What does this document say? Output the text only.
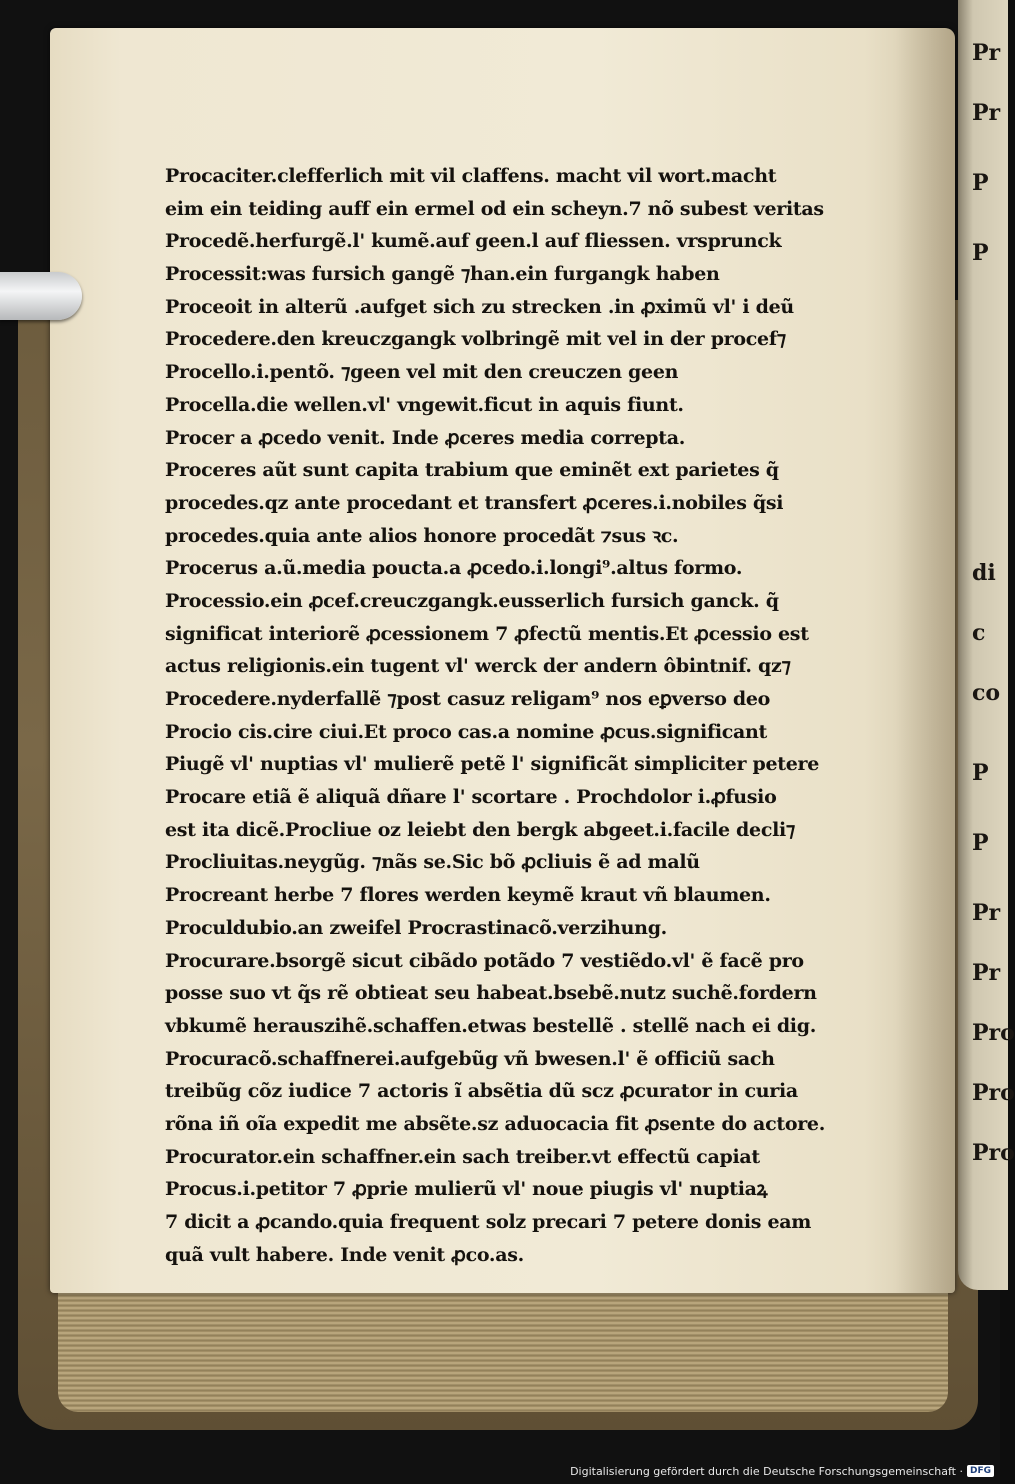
Pr
Pr
P
P
di
c
co
P
P
Pr
Pr
Pro
Pro
Pro
Procaciter.clefferlich mit vil claffens. macht vil wort.macht
eim ein teiding auff ein ermel od ein scheyn.7 nõ subest veritas
Procedẽ.herfurgẽ.l' kumẽ.auf geen.l auf fliessen. vrsprunck
Processit:was fursich gangẽ ⁊han.ein furgangk haben
Proceoit in alterũ .aufget sich zu strecken .in ꝓximũ vl' i deũ
Procedere.den kreuczgangk volbringẽ mit vel in der procef⁊
Procello.i.pentõ. ⁊geen vel mit den creuczen geen
Procella.die wellen.vl' vngewit.ficut in aquis fiunt.
Procer a ꝓcedo venit. Inde ꝓceres media correpta.
Proceres aũt sunt capita trabium que eminẽt ext parietes q̃
procedes.qz ante procedant et transfert ꝓceres.i.nobiles q̃si
procedes.quia ante alios honore procedãt ⁊sus ꝛc.
Procerus a.ũ.media poucta.a ꝓcedo.i.longi⁹.altus formo.
Processio.ein ꝓcef.creuczgangk.eusserlich fursich ganck. q̃
significat interiorẽ ꝓcessionem 7 ꝓfectũ mentis.Et ꝓcessio est
actus religionis.ein tugent vl' werck der andern ôbintnif. qz⁊
Procedere.nyderfallẽ ⁊post casuz religam⁹ nos eꝑverso deo
Procio cis.cire ciui.Et proco cas.a nomine ꝓcus.significant
Piugẽ vl' nuptias vl' mulierẽ petẽ l' significãt simpliciter petere
Procare etiã ẽ aliquã dñare l' scortare . Prochdolor i.ꝓfusio
est ita dicẽ.Procliue oz leiebt den bergk abgeet.i.facile decli⁊
Procliuitas.neygũg. ⁊nãs se.Sic bõ ꝓcliuis ẽ ad malũ
Procreant herbe 7 flores werden keymẽ kraut vñ blaumen.
Proculdubio.an zweifel Procrastinacõ.verzihung.
Procurare.bsorgẽ sicut cibãdo potãdo 7 vestiẽdo.vl' ẽ facẽ pro
posse suo vt q̃s rẽ obtieat seu habeat.bsebẽ.nutz suchẽ.fordern
vbkumẽ herauszihẽ.schaffen.etwas bestellẽ . stellẽ nach ei dig.
Procuracõ.schaffnerei.aufgebũg vñ bwesen.l' ẽ officiũ sach
treibũg cõz iudice 7 actoris ĩ absẽtia dũ scz ꝓcurator in curia
rõna iñ oĩa expedit me absẽte.sz aduocacia fit ꝓsente do actore.
Procurator.ein schaffner.ein sach treiber.vt effectũ capiat
Procus.i.petitor 7 ꝓprie mulierũ vl' noue piugis vl' nuptiaꝝ
7 dicit a ꝓcando.quia frequent solz precari 7 petere donis eam
quã vult habere. Inde venit ꝓco.as.
Digitalisierung gefördert durch die Deutsche Forschungsgemeinschaft · DFG
